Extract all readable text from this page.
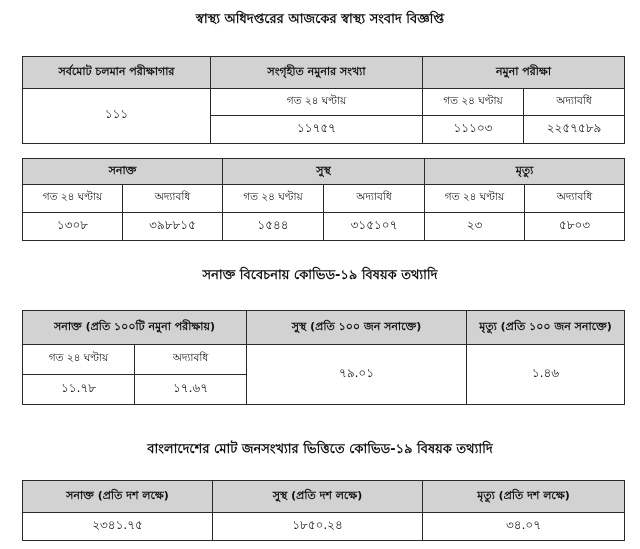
স্বাস্থ্য অধিদপ্তরের আজকের স্বাস্থ্য সংবাদ বিজ্ঞপ্তি
সর্বমোট চলমান পরীক্ষাগার	সংগৃহীত নমুনার সংখ্যা	নমুনা পরীক্ষা	
১১১	গত ২৪ ঘণ্টায়	গত ২৪ ঘণ্টায়	অদ্যাবধি
	১১৭৫৭	১১১০৩	২২৫৭৫৮৯
সনাক্ত		সুস্থ		মৃত্যু	
গত ২৪ ঘণ্টায়	অদ্যাবধি	গত ২৪ ঘণ্টায়	অদ্যাবধি	গত ২৪ ঘণ্টায়	অদ্যাবধি
১৩০৮	৩৯৮৮১৫	১৫৪৪	৩১৫১০৭	২৩	৫৮০৩
সনাক্ত বিবেচনায় কোভিড-১৯ বিষয়ক তথ্যাদি
সনাক্ত (প্রতি ১০০টি নমুনা পরীক্ষায়)		সুস্থ (প্রতি ১০০ জন সনাক্তে)	মৃত্যু (প্রতি ১০০ জন সনাক্তে)
গত ২৪ ঘণ্টায়	অদ্যাবধি	৭৯.০১	১.৪৬
১১.৭৮	১৭.৬৭		
বাংলাদেশের মোট জনসংখ্যার ভিত্তিতে কোভিড-১৯ বিষয়ক তথ্যাদি
সনাক্ত (প্রতি দশ লক্ষে)	সুস্থ (প্রতি দশ লক্ষে)	মৃত্যু (প্রতি দশ লক্ষে)
২৩৪১.৭৫	১৮৫০.২৪	৩৪.০৭
